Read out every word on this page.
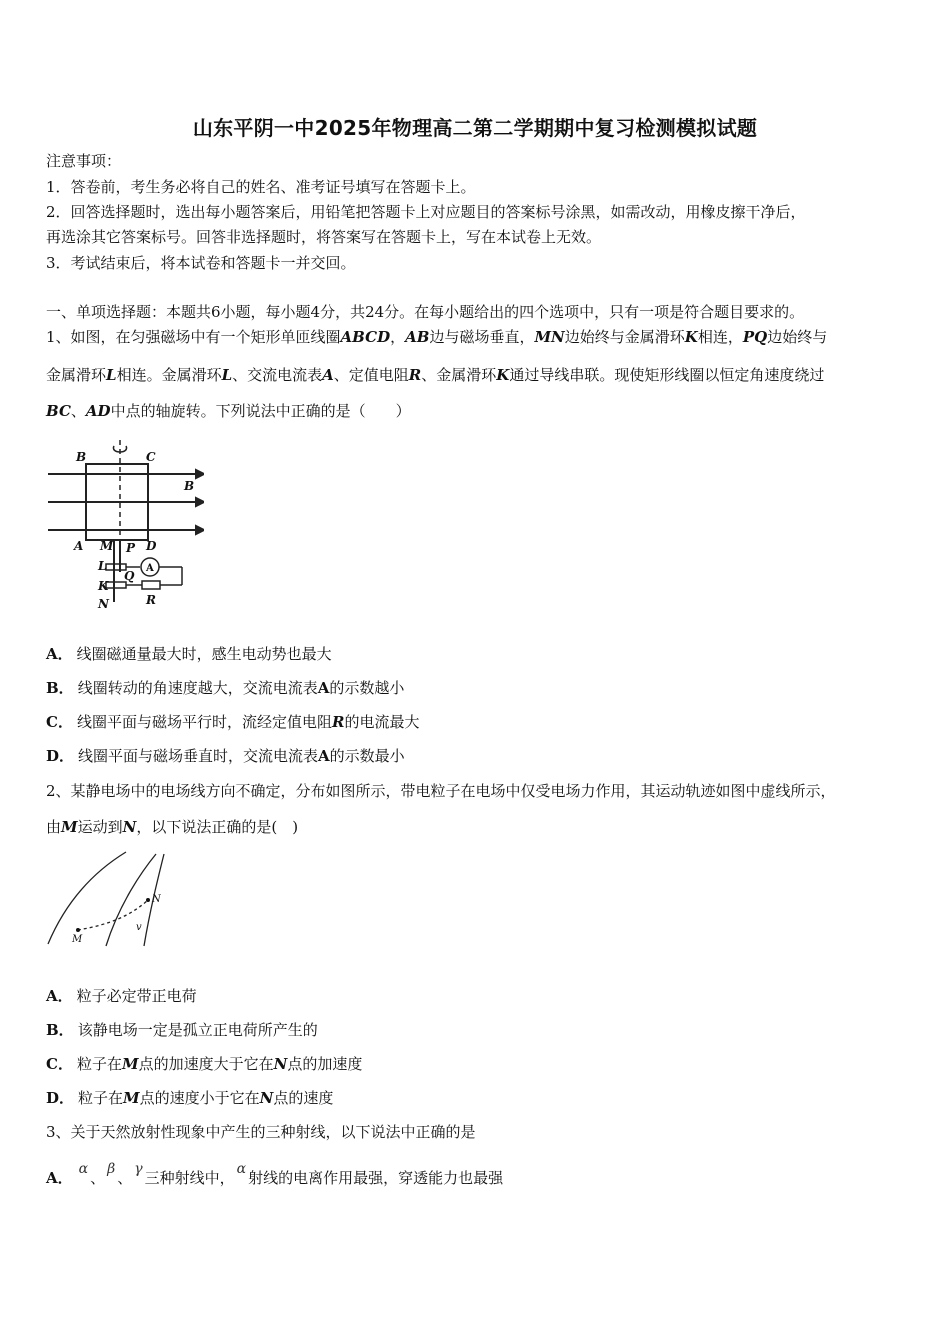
山东平阴一中2025年物理高二第二学期期中复习检测模拟试题
注意事项：
1．答卷前，考生务必将自己的姓名、准考证号填写在答题卡上。
2．回答选择题时，选出每小题答案后，用铅笔把答题卡上对应题目的答案标号涂黑，如需改动，用橡皮擦干净后，
再选涂其它答案标号。回答非选择题时，将答案写在答题卡上，写在本试卷上无效。
3．考试结束后，将本试卷和答题卡一并交回。
一、单项选择题：本题共6小题，每小题4分，共24分。在每小题给出的四个选项中，只有一项是符合题目要求的。
1、如图，在匀强磁场中有一个矩形单匝线圈ABCD，AB边与磁场垂直，MN边始终与金属滑环K相连，PQ边始终与
金属滑环L相连。金属滑环L、交流电流表A、定值电阻R、金属滑环K通过导线串联。现使矩形线圈以恒定角速度绕过
BC、AD中点的轴旋转。下列说法中正确的是（　　）
B	C
B
A M P D
L
Q
K
N	R
A
A． 线圈磁通量最大时，感生电动势也最大
B． 线圈转动的角速度越大，交流电流表A的示数越小
C． 线圈平面与磁场平行时，流经定值电阻R的电流最大
D． 线圈平面与磁场垂直时，交流电流表A的示数最小
2、某静电场中的电场线方向不确定，分布如图所示，带电粒子在电场中仅受电场力作用，其运动轨迹如图中虚线所示，
由M运动到N，以下说法正确的是(　)
M
N
v
A． 粒子必定带正电荷
B． 该静电场一定是孤立正电荷所产生的
C． 粒子在M点的加速度大于它在N点的加速度
D． 粒子在M点的速度小于它在N点的速度
3、关于天然放射性现象中产生的三种射线，以下说法中正确的是
A． α 、 β 、 γ 三种射线中， α 射线的电离作用最强，穿透能力也最强
